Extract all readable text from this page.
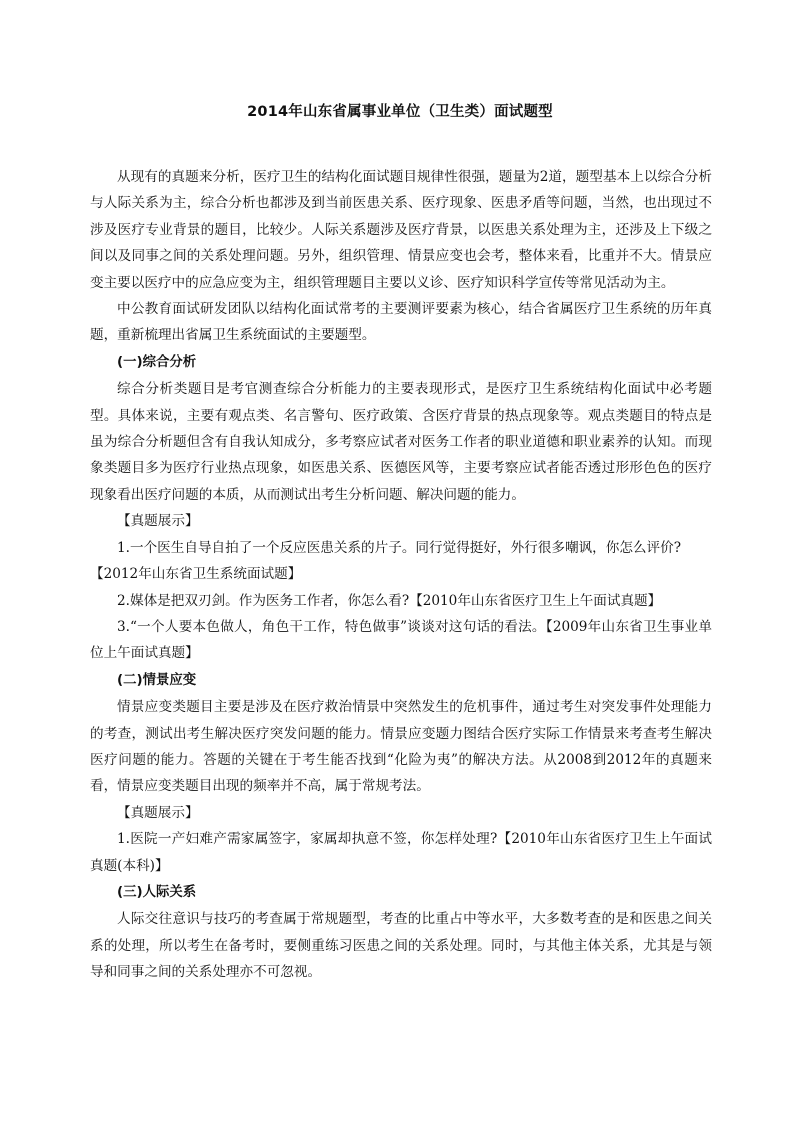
2014年山东省属事业单位（卫生类）面试题型

从现有的真题来分析，医疗卫生的结构化面试题目规律性很强，题量为2道，题型基本上以综合分析与人际关系为主，综合分析也都涉及到当前医患关系、医疗现象、医患矛盾等问题，当然，也出现过不涉及医疗专业背景的题目，比较少。人际关系题涉及医疗背景，以医患关系处理为主，还涉及上下级之间以及同事之间的关系处理问题。另外，组织管理、情景应变也会考，整体来看，比重并不大。情景应变主要以医疗中的应急应变为主，组织管理题目主要以义诊、医疗知识科学宣传等常见活动为主。

中公教育面试研发团队以结构化面试常考的主要测评要素为核心，结合省属医疗卫生系统的历年真题，重新梳理出省属卫生系统面试的主要题型。

(一)综合分析

综合分析类题目是考官测查综合分析能力的主要表现形式，是医疗卫生系统结构化面试中必考题型。具体来说，主要有观点类、名言警句、医疗政策、含医疗背景的热点现象等。观点类题目的特点是虽为综合分析题但含有自我认知成分，多考察应试者对医务工作者的职业道德和职业素养的认知。而现象类题目多为医疗行业热点现象，如医患关系、医德医风等，主要考察应试者能否透过形形色色的医疗现象看出医疗问题的本质，从而测试出考生分析问题、解决问题的能力。

【真题展示】

1.一个医生自导自拍了一个反应医患关系的片子。同行觉得挺好，外行很多嘲讽，你怎么评价?

【2012年山东省卫生系统面试题】

2.媒体是把双刃剑。作为医务工作者，你怎么看?【2010年山东省医疗卫生上午面试真题】

3.“一个人要本色做人，角色干工作，特色做事”谈谈对这句话的看法。【2009年山东省卫生事业单位上午面试真题】

(二)情景应变

情景应变类题目主要是涉及在医疗救治情景中突然发生的危机事件，通过考生对突发事件处理能力的考查，测试出考生解决医疗突发问题的能力。情景应变题力图结合医疗实际工作情景来考查考生解决医疗问题的能力。答题的关键在于考生能否找到“化险为夷”的解决方法。从2008到2012年的真题来看，情景应变类题目出现的频率并不高，属于常规考法。

【真题展示】

1.医院一产妇难产需家属签字，家属却执意不签，你怎样处理?【2010年山东省医疗卫生上午面试真题(本科)】

(三)人际关系

人际交往意识与技巧的考查属于常规题型，考查的比重占中等水平，大多数考查的是和医患之间关系的处理，所以考生在备考时，要侧重练习医患之间的关系处理。同时，与其他主体关系，尤其是与领导和同事之间的关系处理亦不可忽视。
